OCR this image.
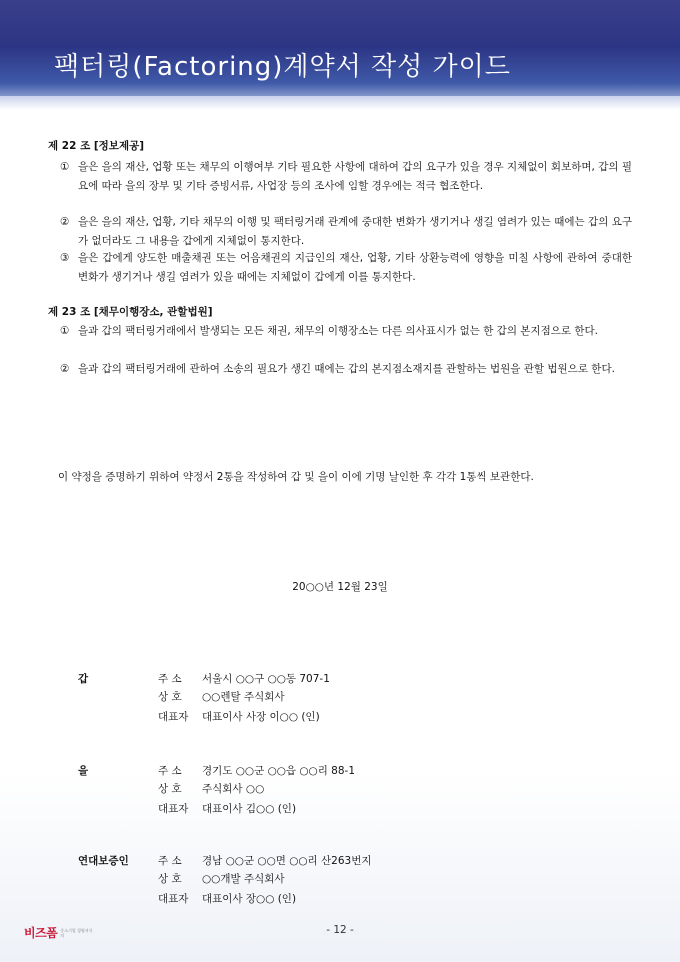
팩터링(Factoring)계약서 작성 가이드
제 22 조 [정보제공]
① 을은 을의 재산, 업황 또는 채무의 이행여부 기타 필요한 사항에 대하여 갑의 요구가 있을 경우 지체없이 회보하며, 갑의 필요에 따라 을의 장부 및 기타 증빙서류, 사업장 등의 조사에 임할 경우에는 적극 협조한다.
② 을은 을의 재산, 업황, 기타 채무의 이행 및 팩터링거래 관계에 중대한 변화가 생기거나 생길 염려가 있는 때에는 갑의 요구가 없더라도 그 내용을 갑에게 지체없이 통지한다.
③ 을은 갑에게 양도한 매출채권 또는 어음채권의 지급인의 재산, 업황, 기타 상환능력에 영향을 미칠 사항에 관하여 중대한 변화가 생기거나 생길 염려가 있을 때에는 지체없이 갑에게 이를 통지한다.
제 23 조 [채무이행장소, 관할법원]
① 을과 갑의 팩터링거래에서 발생되는 모든 채권, 채무의 이행장소는 다른 의사표시가 없는 한 갑의 본지점으로 한다.
② 을과 갑의 팩터링거래에 관하여 소송의 필요가 생긴 때에는 갑의 본지점소재지를 관할하는 법원을 관할 법원으로 한다.
이 약정을 증명하기 위하여 약정서 2통을 작성하여 갑 및 을이 이에 기명 날인한 후 각각 1통씩 보관한다.
20○○년 12월 23일
갑	주 소 서울시 ○○구 ○○동 707-1
상 호 ○○렌탈 주식회사
대표자 대표이사 사장 이○○ (인)
을	주 소 경기도 ○○군 ○○읍 ○○리 88-1
상 호 주식회사 ○○
대표자 대표이사 김○○ (인)
연대보증인	주 소 경남 ○○군 ○○면 ○○리 산263번지
상 호 ○○개발 주식회사
대표자 대표이사 장○○ (인)
- 12 -
비즈폼 중소기업 경영서식의
